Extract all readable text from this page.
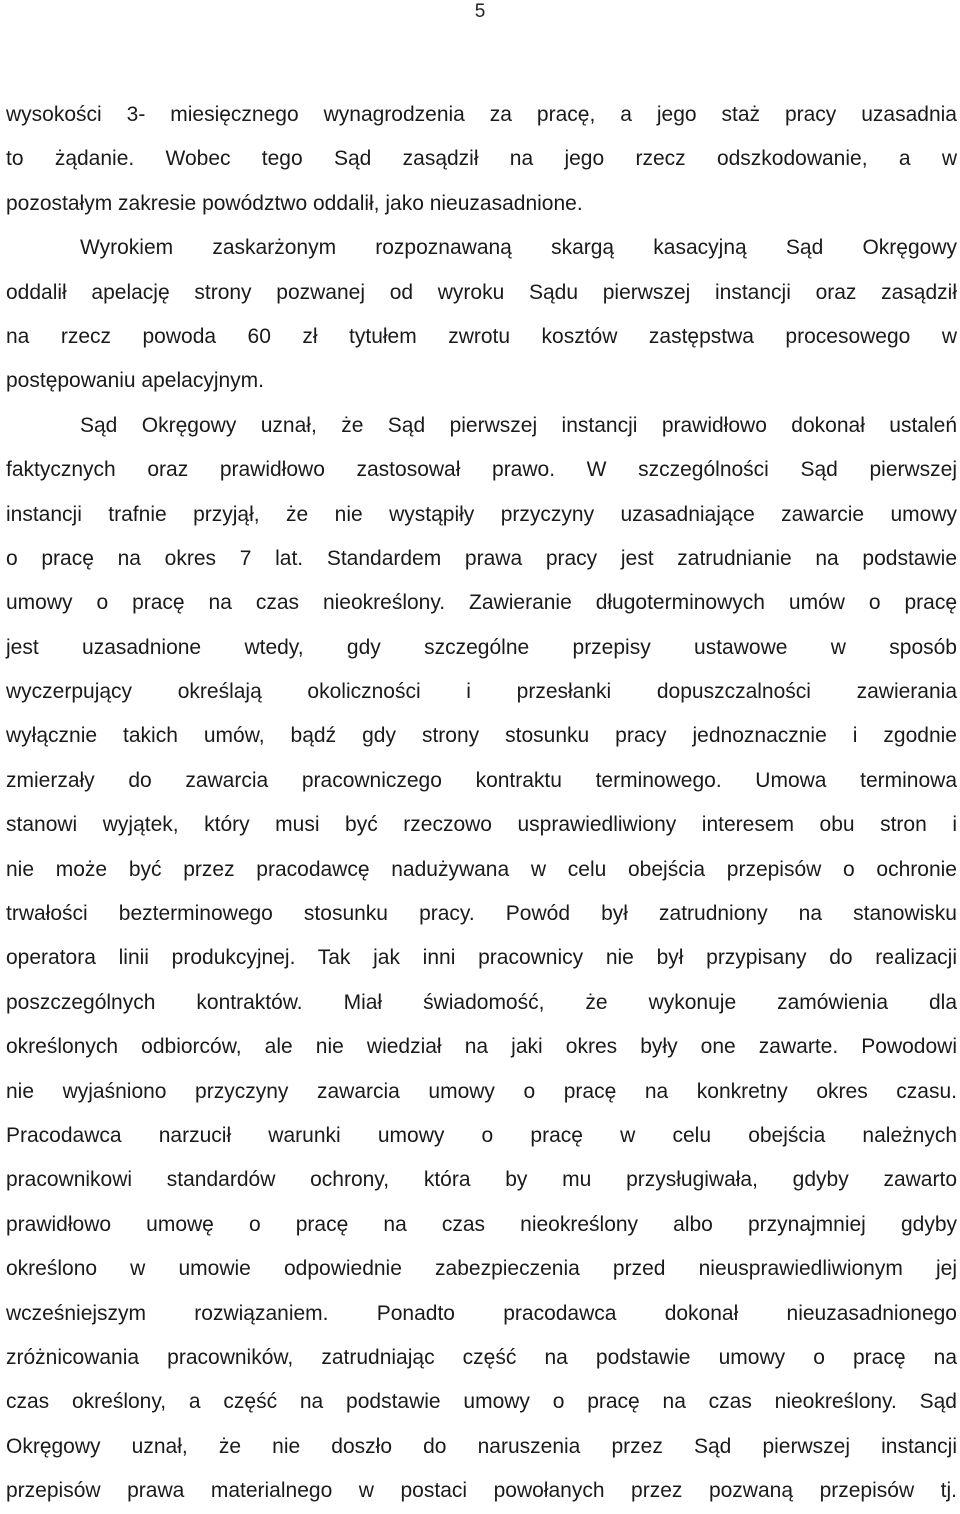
5
wysokości 3- miesięcznego wynagrodzenia za pracę, a jego staż pracy uzasadnia
to żądanie. Wobec tego Sąd zasądził na jego rzecz odszkodowanie, a w
pozostałym zakresie powództwo oddalił, jako nieuzasadnione.
Wyrokiem zaskarżonym rozpoznawaną skargą kasacyjną Sąd Okręgowy
oddalił apelację strony pozwanej od wyroku Sądu pierwszej instancji oraz zasądził
na rzecz powoda 60 zł tytułem zwrotu kosztów zastępstwa procesowego w
postępowaniu apelacyjnym.
Sąd Okręgowy uznał, że Sąd pierwszej instancji prawidłowo dokonał ustaleń
faktycznych oraz prawidłowo zastosował prawo. W szczególności Sąd pierwszej
instancji trafnie przyjął, że nie wystąpiły przyczyny uzasadniające zawarcie umowy
o pracę na okres 7 lat. Standardem prawa pracy jest zatrudnianie na podstawie
umowy o pracę na czas nieokreślony. Zawieranie długoterminowych umów o pracę
jest uzasadnione wtedy, gdy szczególne przepisy ustawowe w sposób
wyczerpujący określają okoliczności i przesłanki dopuszczalności zawierania
wyłącznie takich umów, bądź gdy strony stosunku pracy jednoznacznie i zgodnie
zmierzały do zawarcia pracowniczego kontraktu terminowego. Umowa terminowa
stanowi wyjątek, który musi być rzeczowo usprawiedliwiony interesem obu stron i
nie może być przez pracodawcę nadużywana w celu obejścia przepisów o ochronie
trwałości bezterminowego stosunku pracy. Powód był zatrudniony na stanowisku
operatora linii produkcyjnej. Tak jak inni pracownicy nie był przypisany do realizacji
poszczególnych kontraktów. Miał świadomość, że wykonuje zamówienia dla
określonych odbiorców, ale nie wiedział na jaki okres były one zawarte. Powodowi
nie wyjaśniono przyczyny zawarcia umowy o pracę na konkretny okres czasu.
Pracodawca narzucił warunki umowy o pracę w celu obejścia należnych
pracownikowi standardów ochrony, która by mu przysługiwała, gdyby zawarto
prawidłowo umowę o pracę na czas nieokreślony albo przynajmniej gdyby
określono w umowie odpowiednie zabezpieczenia przed nieusprawiedliwionym jej
wcześniejszym rozwiązaniem. Ponadto pracodawca dokonał nieuzasadnionego
zróżnicowania pracowników, zatrudniając część na podstawie umowy o pracę na
czas określony, a część na podstawie umowy o pracę na czas nieokreślony. Sąd
Okręgowy uznał, że nie doszło do naruszenia przez Sąd pierwszej instancji
przepisów prawa materialnego w postaci powołanych przez pozwaną przepisów tj.
